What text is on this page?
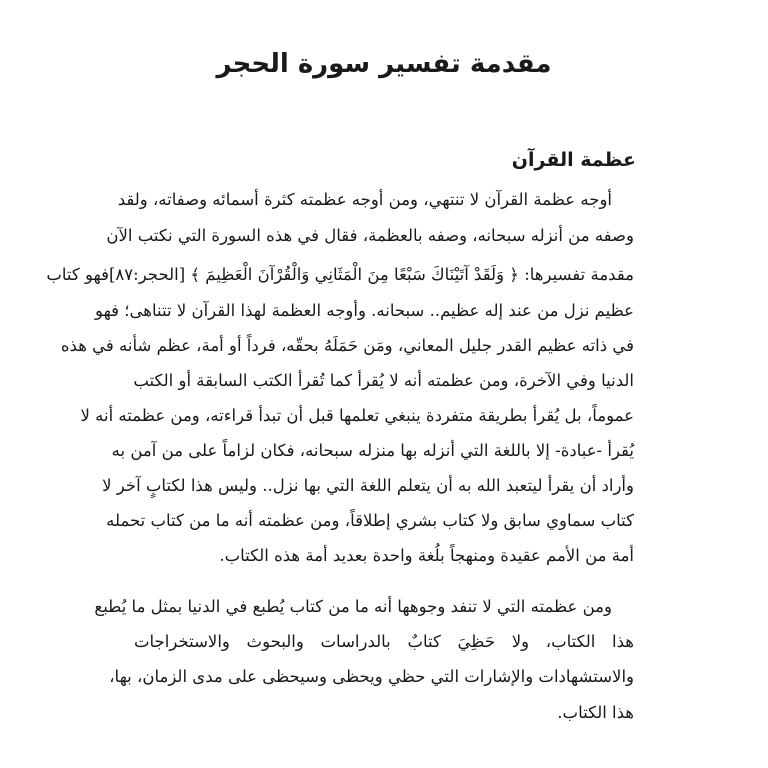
مقدمة تفسير سورة الحجر
عظمة القرآن
أوجه عظمة القرآن لا تنتهي، ومن أوجه عظمته كثرة أسمائه وصفاته، ولقد
وصفه من أنزله سبحانه، وصفه بالعظمة، فقال في هذه السورة التي نكتب الآن
مقدمة تفسيرها: ﴿ وَلَقَدْ آتَيْنَاكَ سَبْعًا مِنَ الْمَثَانِي وَالْقُرْآنَ الْعَظِيمَ ﴾ [الحجر:٨٧]فهو كتاب
عظيم نزل من عند إله عظيم.. سبحانه. وأوجه العظمة لهذا القرآن لا تتناهى؛ فهو
في ذاته عظيم القدر جليل المعاني، ومَن حَمَلَهُ بحقّه، فرداً أو أمة، عظم شأنه في هذه
الدنيا وفي الآخرة، ومن عظمته أنه لا يُقرأ كما تُقرأ الكتب السابقة أو الكتب
عموماً، بل يُقرأ بطريقة متفردة ينبغي تعلمها قبل أن تبدأ قراءته، ومن عظمته أنه لا
يُقرأ -عبادة- إلا باللغة التي أنزله بها منزله سبحانه، فكان لزاماً على من آمن به
وأراد أن يقرأ ليتعبد الله به أن يتعلم اللغة التي بها نزل.. وليس هذا لكتابٍ آخر لا
كتاب سماوي سابق ولا كتاب بشري إطلاقاً، ومن عظمته أنه ما من كتاب تحمله
أمة من الأمم عقيدة ومنهجاً بلُغة واحدة بعديد أمة هذه الكتاب.
ومن عظمته التي لا تنفد وجوهها أنه ما من كتاب يُطبع في الدنيا بمثل ما يُطبع
هذا الكتاب، ولا حَظِيَ كتابٌ بالدراسات والبحوث والاستخراجات
والاستشهادات والإشارات التي حظي ويحظى وسيحظى على مدى الزمان، بها،
هذا الكتاب.
